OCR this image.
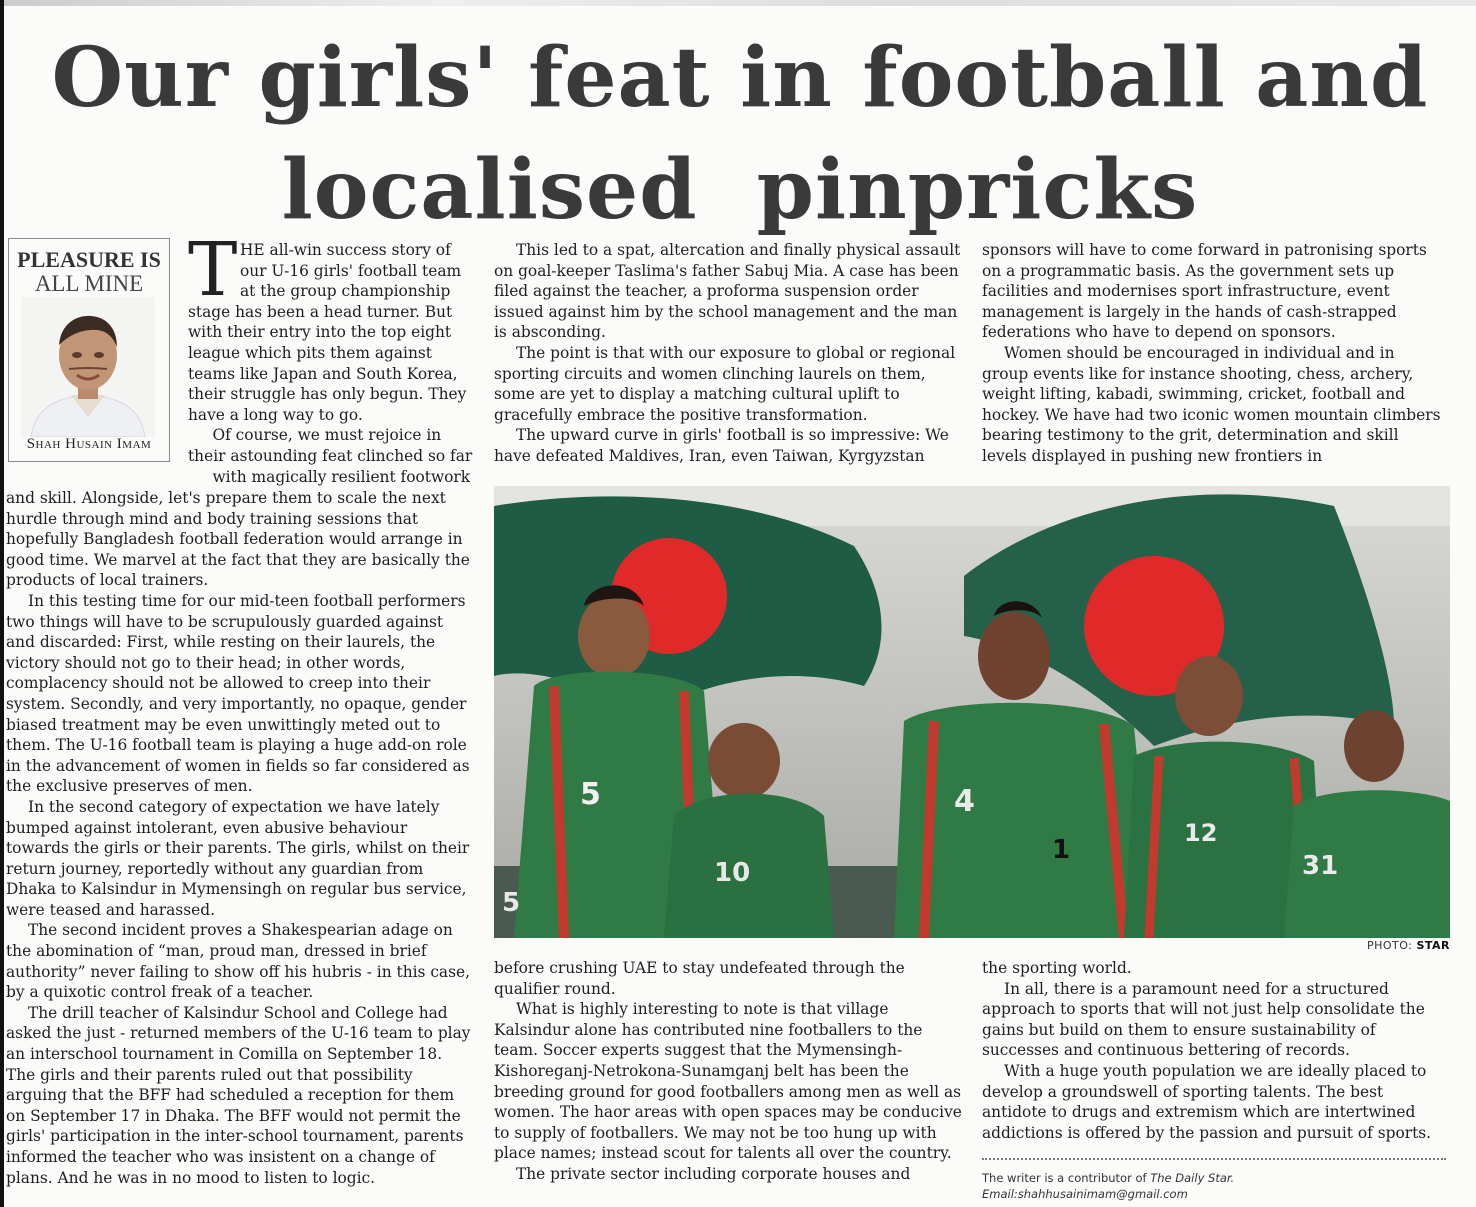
Our girls' feat in football and
localised  pinpricks
PLEASURE IS
ALL MINE
Shah Husain Imam
T HE all-win success story of

our U-16 girls' football team

at the group championship

stage has been a head turner. But

with their entry into the top eight

league which pits them against

teams like Japan and South Korea,

their struggle has only begun. They

have a long way to go.

Of course, we must rejoice in

their astounding feat clinched so far

with magically resilient footwork

and skill. Alongside, let's prepare them to scale the next hurdle through mind and body training sessions that hopefully Bangladesh football federation would arrange in good time. We marvel at the fact that they are basically the products of local trainers.

In this testing time for our mid-teen football performers two things will have to be scrupulously guarded against and discarded: First, while resting on their laurels, the victory should not go to their head; in other words, complacency should not be allowed to creep into their system. Secondly, and very importantly, no opaque, gender biased treatment may be even unwittingly meted out to them. The U-16 football team is playing a huge add-on role in the advancement of women in fields so far considered as the exclusive preserves of men.

In the second category of expectation we have lately bumped against intolerant, even abusive behaviour towards the girls or their parents. The girls, whilst on their return journey, reportedly without any guardian from Dhaka to Kalsindur in Mymensingh on regular bus service, were teased and harassed.

The second incident proves a Shakespearian adage on the abomination of “man, proud man, dressed in brief authority” never failing to show off his hubris - in this case, by a quixotic control freak of a teacher.

The drill teacher of Kalsindur School and College had asked the just - returned members of the U-16 team to play an interschool tournament in Comilla on September 18. The girls and their parents ruled out that possibility arguing that the BFF had scheduled a reception for them on September 17 in Dhaka. The BFF would not permit the girls' participation in the inter-school tournament, parents informed the teacher who was insistent on a change of plans. And he was in no mood to listen to logic.

This led to a spat, altercation and finally physical assault on goal-keeper Taslima's father Sabuj Mia. A case has been filed against the teacher, a proforma suspension order issued against him by the school management and the man is absconding.

The point is that with our exposure to global or regional sporting circuits and women clinching laurels on them, some are yet to display a matching cultural uplift to gracefully embrace the positive transformation.

The upward curve in girls' football is so impressive: We have defeated Maldives, Iran, even Taiwan, Kyrgyzstan

sponsors will have to come forward in patronising sports on a programmatic basis. As the government sets up facilities and modernises sport infrastructure, event management is largely in the hands of cash-strapped federations who have to depend on sponsors.

Women should be encouraged in individual and in group events like for instance shooting, chess, archery, weight lifting, kabadi, swimming, cricket, football and hockey. We have had two iconic women mountain climbers bearing testimony to the grit, determination and skill levels displayed in pushing new frontiers in

5
10
4
12
31
1
5
PHOTO: STAR

before crushing UAE to stay undefeated through the qualifier round.

What is highly interesting to note is that village Kalsindur alone has contributed nine footballers to the team. Soccer experts suggest that the Mymensingh-Kishoreganj-Netrokona-Sunamganj belt has been the breeding ground for good footballers among men as well as women. The haor areas with open spaces may be conducive to supply of footballers. We may not be too hung up with place names; instead scout for talents all over the country.

The private sector including corporate houses and

the sporting world.

In all, there is a paramount need for a structured approach to sports that will not just help consolidate the gains but build on them to ensure sustainability of successes and continuous bettering of records.

With a huge youth population we are ideally placed to develop a groundswell of sporting talents. The best antidote to drugs and extremism which are intertwined addictions is offered by the passion and pursuit of sports.

The writer is a contributor of The Daily Star.
Email:shahhusainimam@gmail.com
